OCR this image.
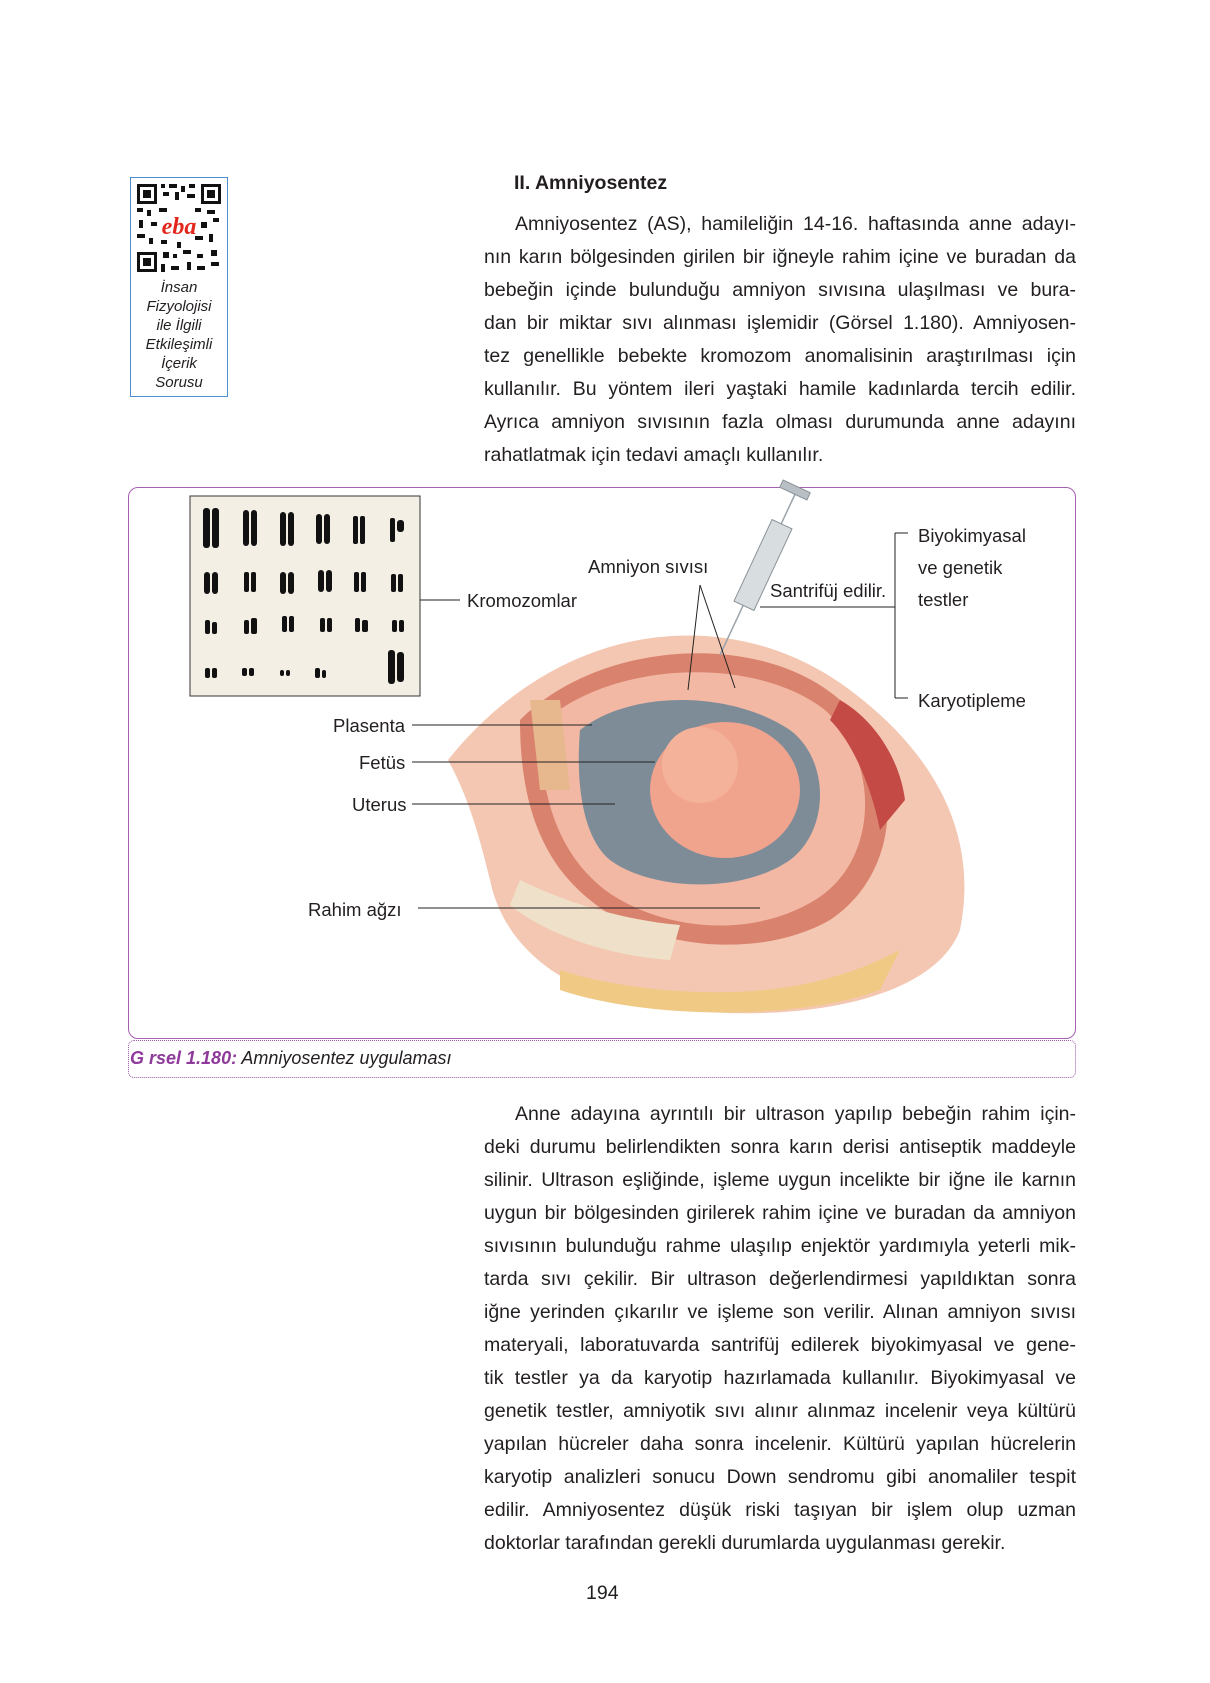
eba
İnsan
Fizyolojisi
ile İlgili
Etkileşimli
İçerik
Sorusu
II. Amniyosentez

Amniyosentez (AS), hamileliğin 14-16. haftasında anne adayı-
nın karın bölgesinden girilen bir iğneyle rahim içine ve buradan da
bebeğin içinde bulunduğu amniyon sıvısına ulaşılması ve bura-
dan bir miktar sıvı alınması işlemidir (Görsel 1.180). Amniyosen-
tez genellikle bebekte kromozom anomalisinin araştırılması için
kullanılır. Bu yöntem ileri yaştaki hamile kadınlarda tercih edilir.
Ayrıca amniyon sıvısının fazla olması durumunda anne adayını
rahatlatmak için tedavi amaçlı kullanılır.

Kromozomlar
Amniyon sıvısı
Santrifüj edilir.
Biyokimyasal
ve genetik
testler
Karyotipleme
Plasenta
Fetüs
Uterus
Rahim ağzı
G rsel 1.180: Amniyosentez uygulaması

Anne adayına ayrıntılı bir ultrason yapılıp bebeğin rahim için-
deki durumu belirlendikten sonra karın derisi antiseptik maddeyle
silinir. Ultrason eşliğinde, işleme uygun incelikte bir iğne ile karnın
uygun bir bölgesinden girilerek rahim içine ve buradan da amniyon
sıvısının bulunduğu rahme ulaşılıp enjektör yardımıyla yeterli mik-
tarda sıvı çekilir. Bir ultrason değerlendirmesi yapıldıktan sonra
iğne yerinden çıkarılır ve işleme son verilir. Alınan amniyon sıvısı
materyali, laboratuvarda santrifüj edilerek biyokimyasal ve gene-
tik testler ya da karyotip hazırlamada kullanılır. Biyokimyasal ve
genetik testler, amniyotik sıvı alınır alınmaz incelenir veya kültürü
yapılan hücreler daha sonra incelenir. Kültürü yapılan hücrelerin
karyotip analizleri sonucu Down sendromu gibi anomaliler tespit
edilir. Amniyosentez düşük riski taşıyan bir işlem olup uzman
doktorlar tarafından gerekli durumlarda uygulanması gerekir.

194
